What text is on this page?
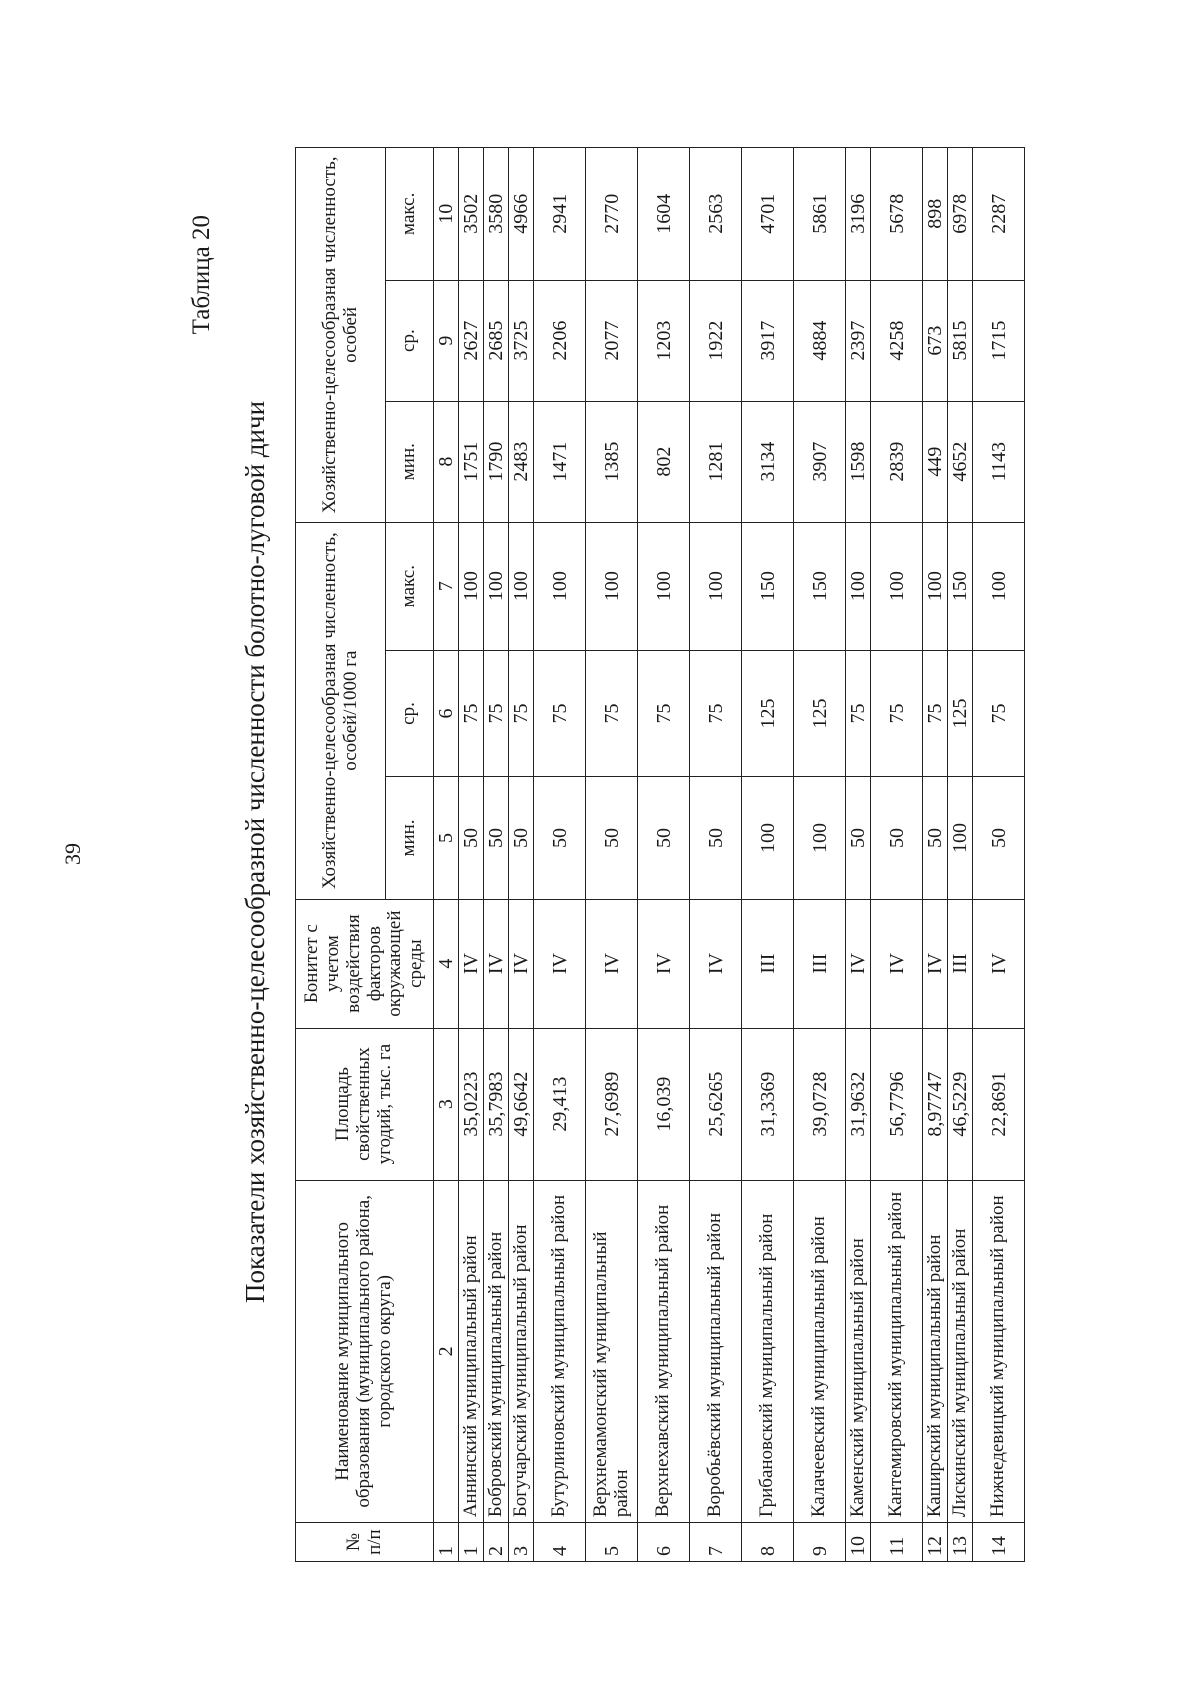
39
Таблица 20
Показатели хозяйственно-целесообразной численности болотно-луговой дичи
№ п/п	Наименование муниципального образования (муниципального района, городского округа)	Площадь свойственных угодий, тыс. га	Бонитет с учетом воздействия факторов окружающей среды	Хозяйственно-целесообразная численность, особей/1000 га			Хозяйственно-целесообразная численность, особей		
				мин.	ср.	макс.	мин.	ср.	макс.
1	2	3	4	5	6	7	8	9	10
1	Аннинский муниципальный район	35,0223	IV	50	75	100	1751	2627	3502
2	Бобровский муниципальный район	35,7983	IV	50	75	100	1790	2685	3580
3	Богучарский муниципальный район	49,6642	IV	50	75	100	2483	3725	4966
4	Бутурлиновский муниципальный район	29,413	IV	50	75	100	1471	2206	2941
5	Верхнемамонский муниципальный район	27,6989	IV	50	75	100	1385	2077	2770
6	Верхнехавский муниципальный район	16,039	IV	50	75	100	802	1203	1604
7	Воробьёвский муниципальный район	25,6265	IV	50	75	100	1281	1922	2563
8	Грибановский муниципальный район	31,3369	III	100	125	150	3134	3917	4701
9	Калачеевский муниципальный район	39,0728	III	100	125	150	3907	4884	5861
10	Каменский муниципальный район	31,9632	IV	50	75	100	1598	2397	3196
11	Кантемировский муниципальный район	56,7796	IV	50	75	100	2839	4258	5678
12	Каширский муниципальный район	8,97747	IV	50	75	100	449	673	898
13	Лискинский муниципальный район	46,5229	III	100	125	150	4652	5815	6978
14	Нижнедевицкий муниципальный район	22,8691	IV	50	75	100	1143	1715	2287
